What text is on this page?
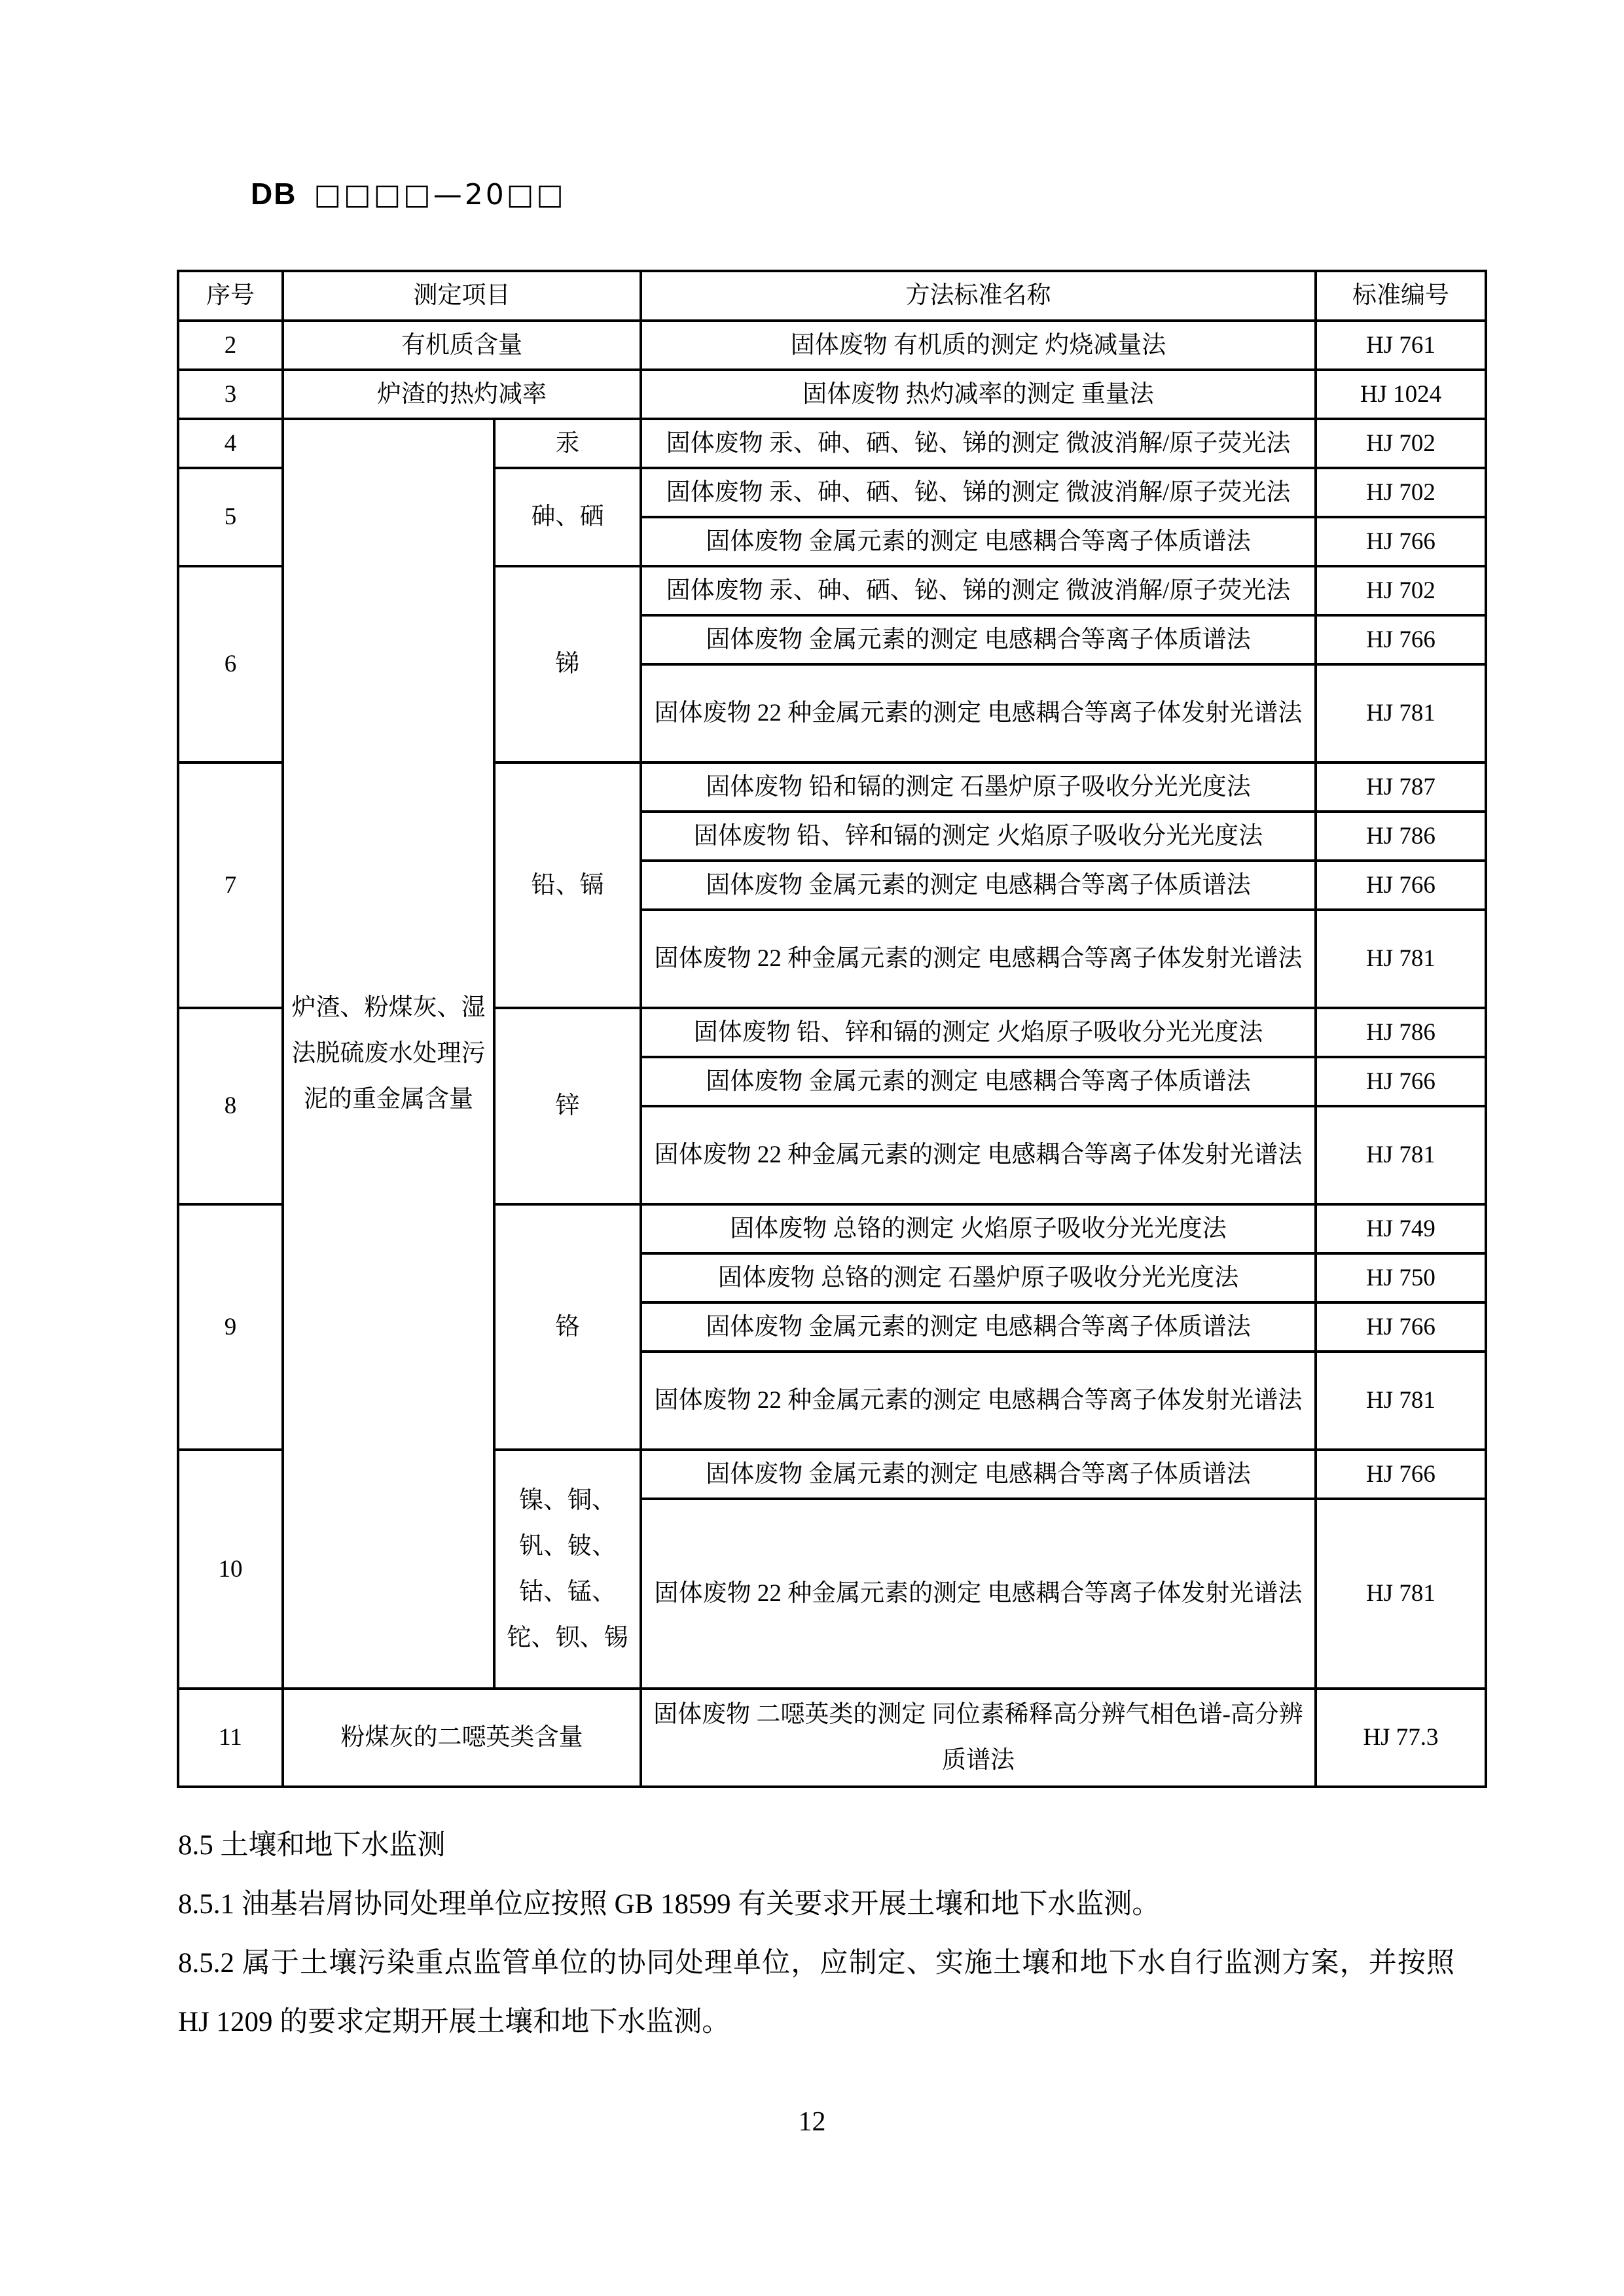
DB □□□□—20□□
序号	测定项目		方法标准名称	标准编号
2	有机质含量		固体废物 有机质的测定 灼烧减量法	HJ 761
3	炉渣的热灼减率		固体废物 热灼减率的测定 重量法	HJ 1024
4	炉渣、粉煤灰、湿法脱硫废水处理污泥的重金属含量	汞	固体废物 汞、砷、硒、铋、锑的测定 微波消解/原子荧光法	HJ 702
5		砷、硒	固体废物 汞、砷、硒、铋、锑的测定 微波消解/原子荧光法	HJ 702
			固体废物 金属元素的测定 电感耦合等离子体质谱法	HJ 766
6		锑	固体废物 汞、砷、硒、铋、锑的测定 微波消解/原子荧光法	HJ 702
			固体废物 金属元素的测定 电感耦合等离子体质谱法	HJ 766
			固体废物 22 种金属元素的测定 电感耦合等离子体发射光谱法	HJ 781
7		铅、镉	固体废物 铅和镉的测定 石墨炉原子吸收分光光度法	HJ 787
			固体废物 铅、锌和镉的测定 火焰原子吸收分光光度法	HJ 786
			固体废物 金属元素的测定 电感耦合等离子体质谱法	HJ 766
			固体废物 22 种金属元素的测定 电感耦合等离子体发射光谱法	HJ 781
8		锌	固体废物 铅、锌和镉的测定 火焰原子吸收分光光度法	HJ 786
			固体废物 金属元素的测定 电感耦合等离子体质谱法	HJ 766
			固体废物 22 种金属元素的测定 电感耦合等离子体发射光谱法	HJ 781
9		铬	固体废物 总铬的测定 火焰原子吸收分光光度法	HJ 749
			固体废物 总铬的测定 石墨炉原子吸收分光光度法	HJ 750
			固体废物 金属元素的测定 电感耦合等离子体质谱法	HJ 766
			固体废物 22 种金属元素的测定 电感耦合等离子体发射光谱法	HJ 781
10		镍、铜、钒、铍、钴、锰、铊、钡、锡	固体废物 金属元素的测定 电感耦合等离子体质谱法	HJ 766
			固体废物 22 种金属元素的测定 电感耦合等离子体发射光谱法	HJ 781
11	粉煤灰的二噁英类含量		固体废物 二噁英类的测定 同位素稀释高分辨气相色谱-高分辨质谱法	HJ 77.3
8.5 土壤和地下水监测
8.5.1 油基岩屑协同处理单位应按照 GB 18599 有关要求开展土壤和地下水监测。
8.5.2 属于土壤污染重点监管单位的协同处理单位，应制定、实施土壤和地下水自行监测方案，并按照 HJ 1209 的要求定期开展土壤和地下水监测。
12
